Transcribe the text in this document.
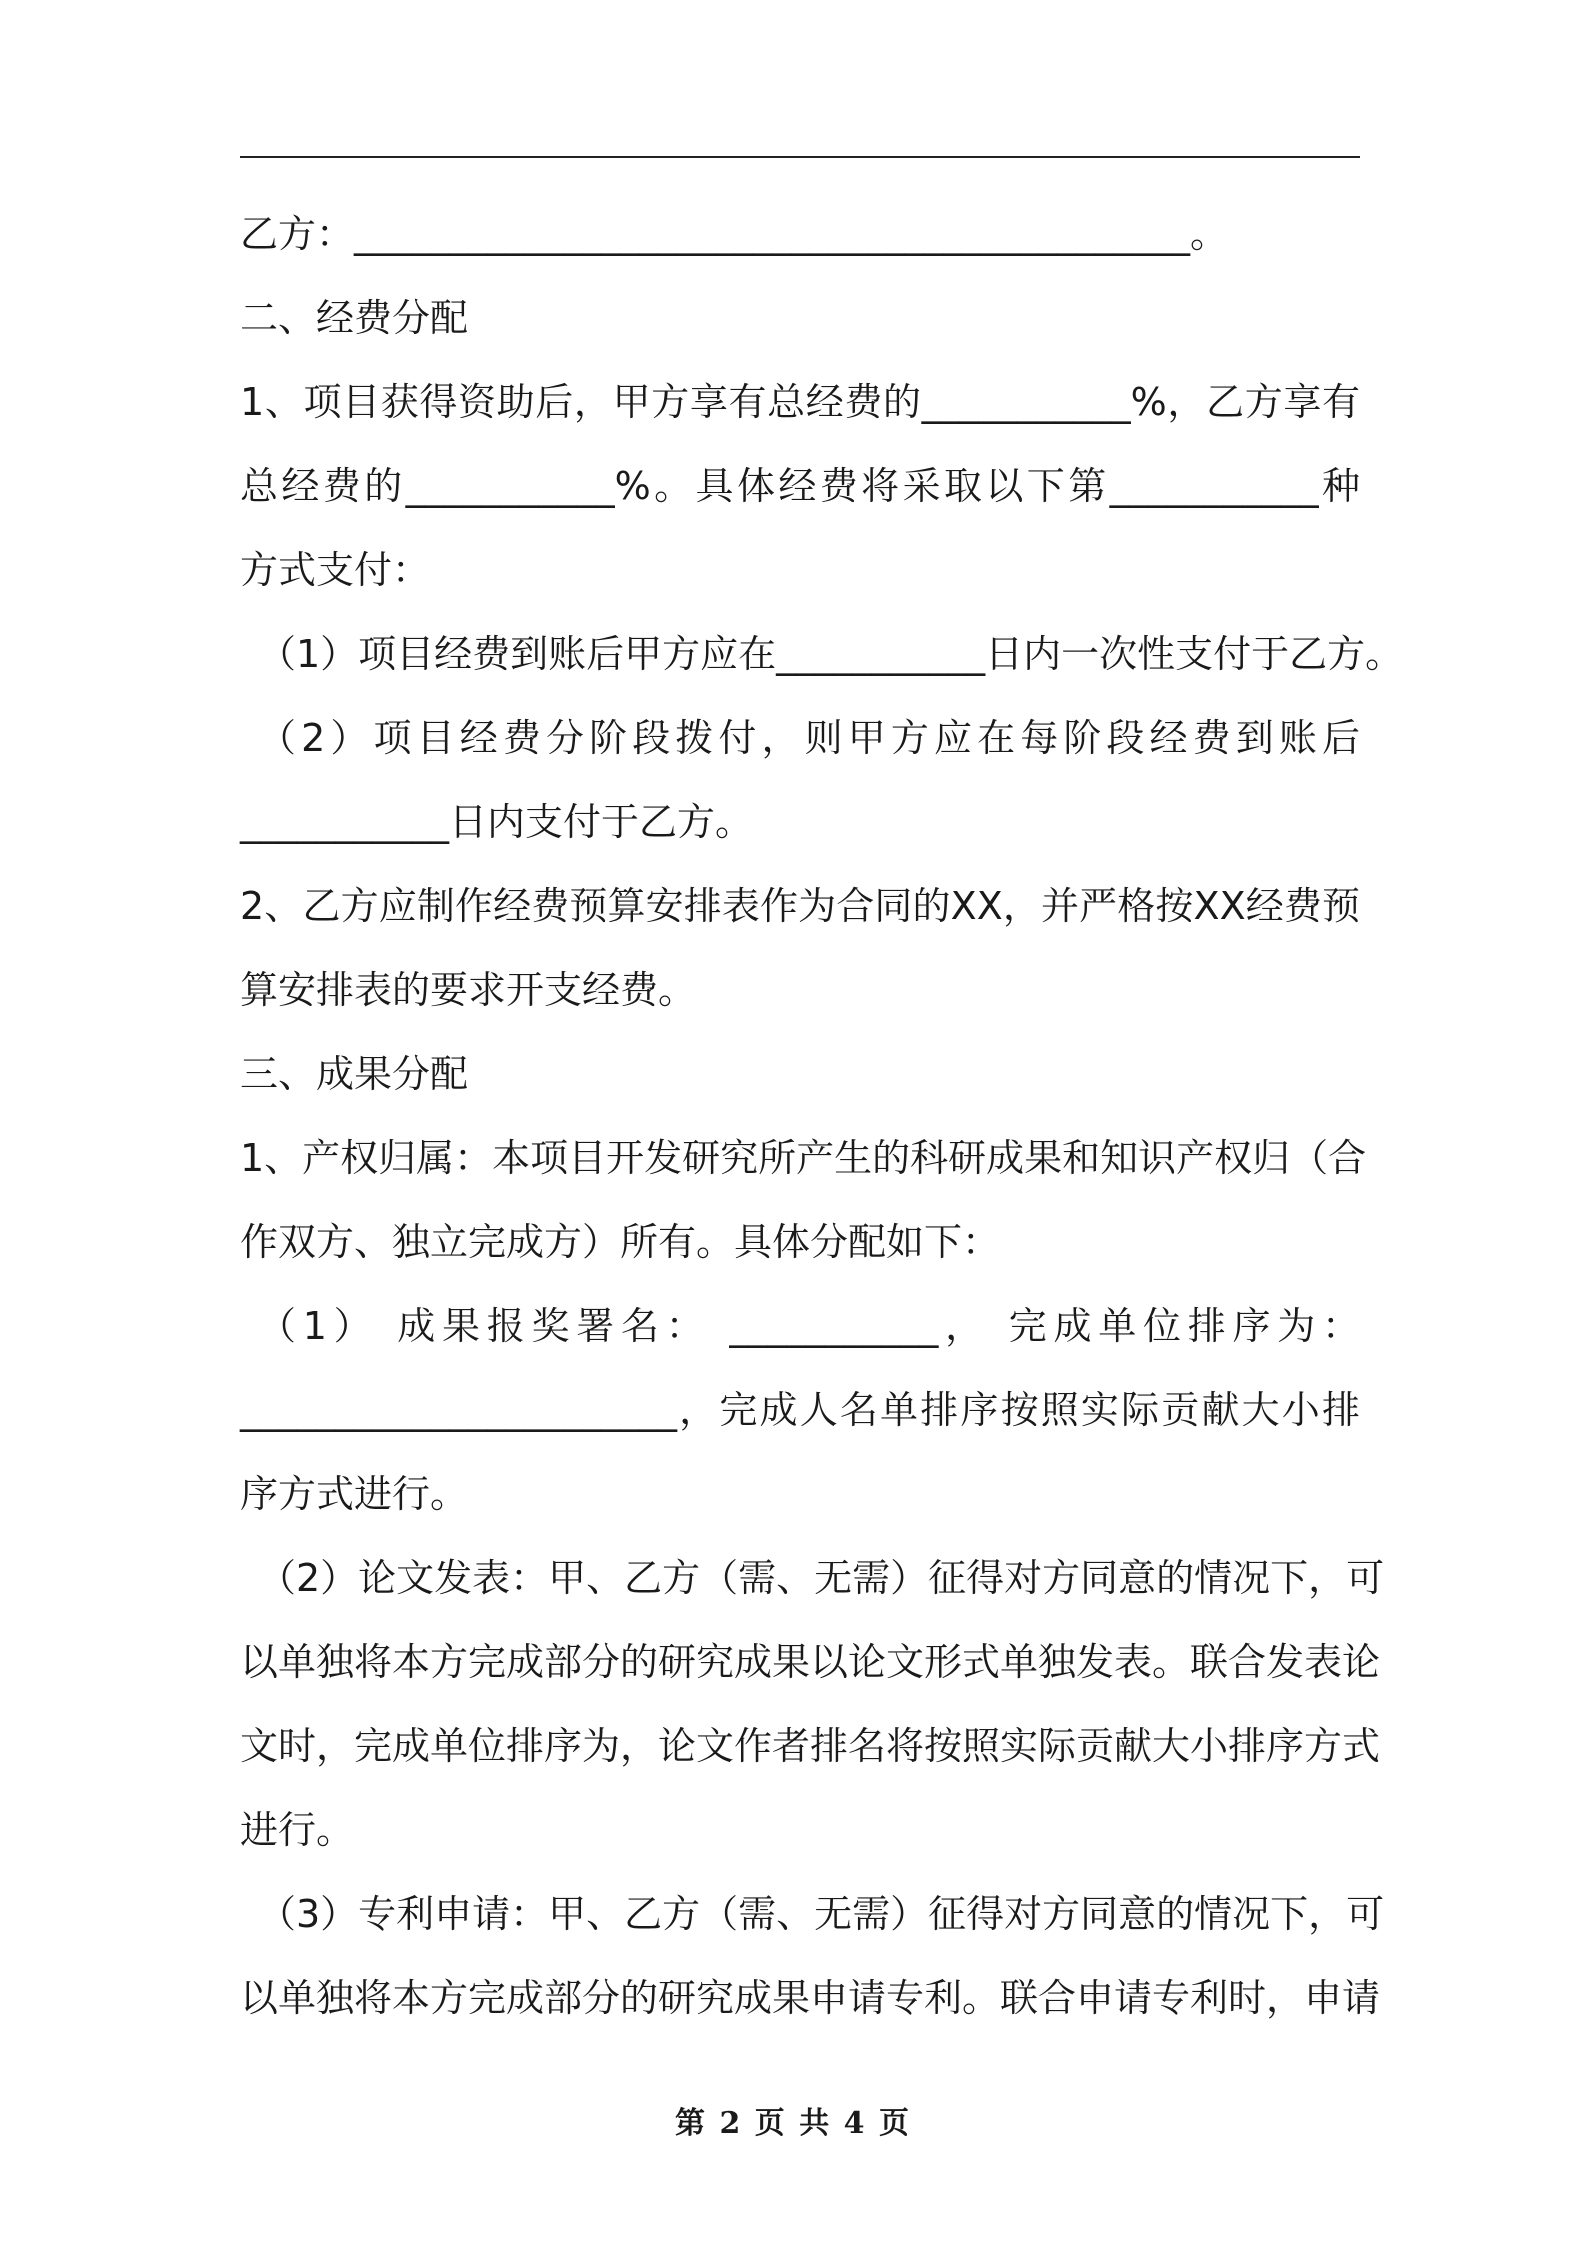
乙方：____________________________________________。
二、经费分配
1、项目获得资助后，甲方享有总经费的___________%，乙方享有
总经费的___________%。具体经费将采取以下第___________种
方式支付：
（1）项目经费到账后甲方应在___________日内一次性支付于乙方。
（2）项目经费分阶段拨付，则甲方应在每阶段经费到账后
___________日内支付于乙方。
2、乙方应制作经费预算安排表作为合同的XX，并严格按XX经费预
算安排表的要求开支经费。
三、成果分配
1、产权归属：本项目开发研究所产生的科研成果和知识产权归（合
作双方、独立完成方）所有。具体分配如下：
（1） 成果报奖署名： ___________， 完成单位排序为：
_______________________，完成人名单排序按照实际贡献大小排
序方式进行。
（2）论文发表：甲、乙方（需、无需）征得对方同意的情况下，可
以单独将本方完成部分的研究成果以论文形式单独发表。联合发表论
文时，完成单位排序为，论文作者排名将按照实际贡献大小排序方式
进行。
（3）专利申请：甲、乙方（需、无需）征得对方同意的情况下，可
以单独将本方完成部分的研究成果申请专利。联合申请专利时，申请
第 2 页 共 4 页
